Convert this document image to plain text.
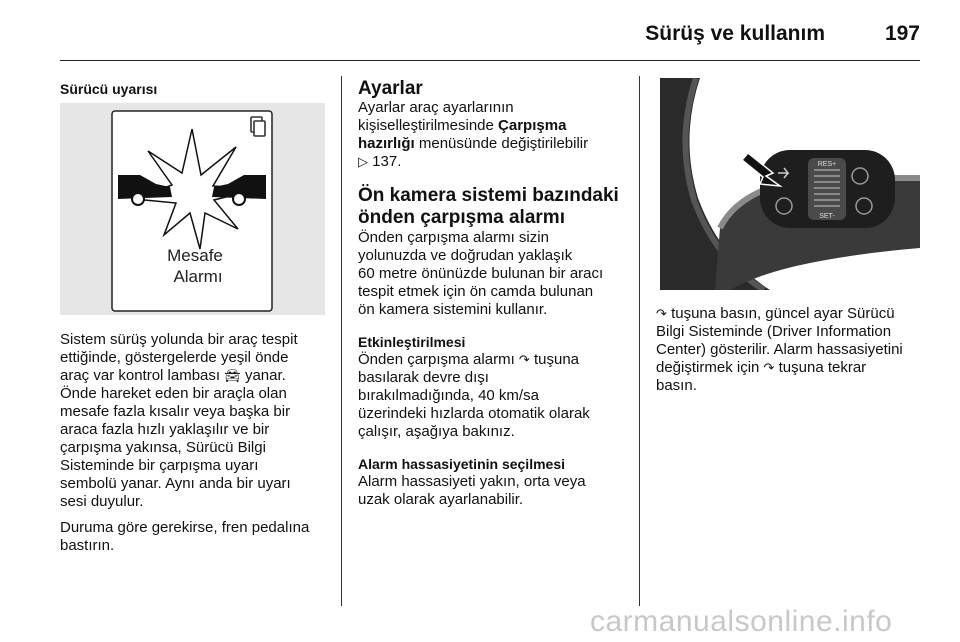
Sürüş ve kullanım	197
Sürücü uyarısı
Mesafe
Alarmı

Sistem sürüş yolunda bir araç tespit
ettiğinde, göstergelerde yeşil önde
araç var kontrol lambası 🚘︎ yanar.
Önde hareket eden bir araçla olan
mesafe fazla kısalır veya başka bir
araca fazla hızlı yaklaşılır ve bir
çarpışma yakınsa, Sürücü Bilgi
Sisteminde bir çarpışma uyarı
sembolü yanar. Aynı anda bir uyarı
sesi duyulur.

Duruma göre gerekirse, fren pedalına
bastırın.

Ayarlar

Ayarlar araç ayarlarının
kişiselleştirilmesinde Çarpışma
hazırlığı menüsünde değiştirilebilir
▷ 137.

Ön kamera sistemi bazındaki
önden çarpışma alarmı

Önden çarpışma alarmı sizin
yolunuzda ve doğrudan yaklaşık
60 metre önünüzde bulunan bir aracı
tespit etmek için ön camda bulunan
ön kamera sistemini kullanır.

Etkinleştirilmesi

Önden çarpışma alarmı ↷ tuşuna
basılarak devre dışı
bırakılmadığında, 40 km/sa
üzerindeki hızlarda otomatik olarak
çalışır, aşağıya bakınız.

Alarm hassasiyetinin seçilmesi

Alarm hassasiyeti yakın, orta veya
uzak olarak ayarlanabilir.

RES+
SET-

↷ tuşuna basın, güncel ayar Sürücü
Bilgi Sisteminde (Driver Information
Center) gösterilir. Alarm hassasiyetini
değiştirmek için ↷ tuşuna tekrar
basın.

carmanualsonline.info
